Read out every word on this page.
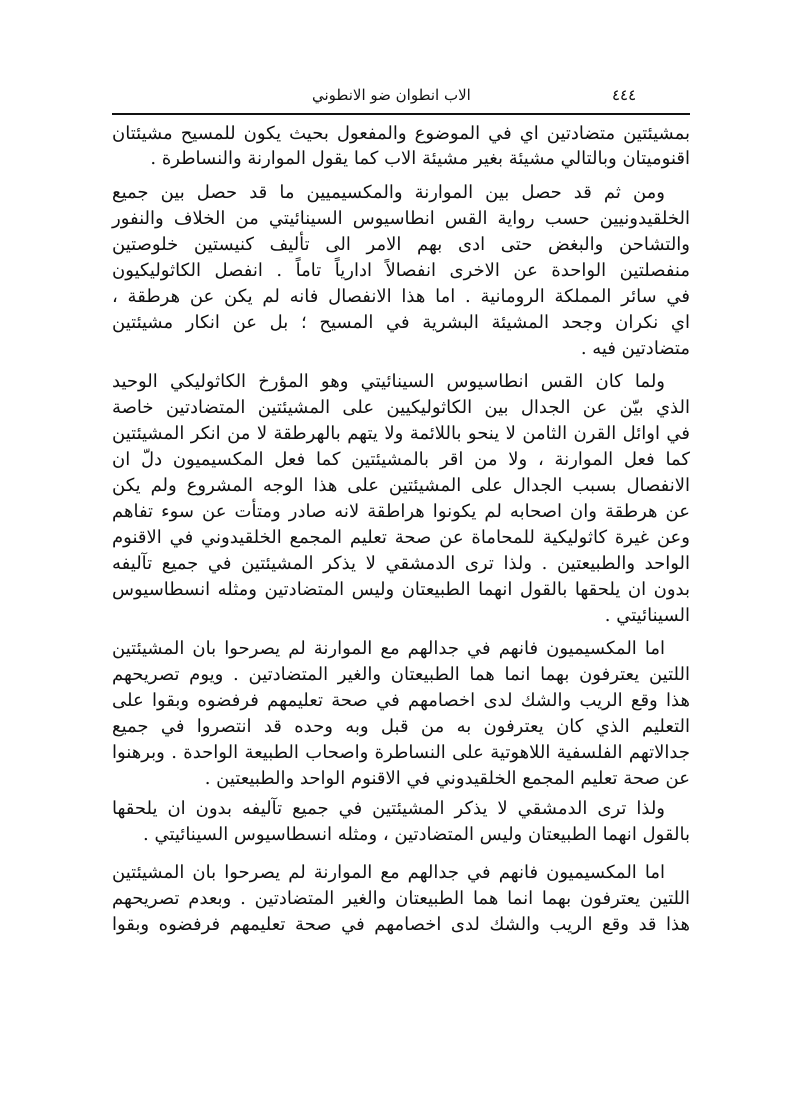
٤٤٤
الاب انطوان ضو الانطوني
بمشيئتين متضادتين اي في الموضوع والمفعول بحيث يكون للمسيح مشيئتان
اقنوميتان وبالتالي مشيئة بغير مشيئة الاب كما يقول الموارنة والنساطرة .
ومن ثم قد حصل بين الموارنة والمكسيميين ما قد حصل بين جميع
الخلقيدونيين حسب رواية القس انطاسيوس السينائيتي من الخلاف والنفور
والتشاحن والبغض حتى ادى بهم الامر الى تأليف كنيستين خلوصتين
منفصلتين الواحدة عن الاخرى انفصالاً ادارياً تاماً . انفصل الكاثوليكيون
في سائر المملكة الرومانية . اما هذا الانفصال فانه لم يكن عن هرطقة ،
اي نكران وجحد المشيئة البشرية في المسيح ؛ بل عن انكار مشيئتين
متضادتين فيه .
ولما كان القس انطاسيوس السينائيتي وهو المؤرخ الكاثوليكي الوحيد
الذي بيّن عن الجدال بين الكاثوليكيين على المشيئتين المتضادتين خاصة
في اوائل القرن الثامن لا ينحو باللائمة ولا يتهم بالهرطقة لا من انكر المشيئتين
كما فعل الموارنة ، ولا من اقر بالمشيئتين كما فعل المكسيميون دلّ ان
الانفصال بسبب الجدال على المشيئتين على هذا الوجه المشروع ولم يكن
عن هرطقة وان اصحابه لم يكونوا هراطقة لانه صادر ومتأت عن سوء تفاهم
وعن غيرة كاثوليكية للمحاماة عن صحة تعليم المجمع الخلقيدوني في الاقنوم
الواحد والطبيعتين . ولذا ترى الدمشقي لا يذكر المشيئتين في جميع تآليفه
بدون ان يلحقها بالقول انهما الطبيعتان وليس المتضادتين ومثله انسطاسيوس
السينائيتي .
اما المكسيميون فانهم في جدالهم مع الموارنة لم يصرحوا بان المشيئتين
اللتين يعترفون بهما انما هما الطبيعتان والغير المتضادتين . ويوم تصريحهم
هذا وقع الريب والشك لدى اخصامهم في صحة تعليمهم فرفضوه وبقوا على
التعليم الذي كان يعترفون به من قبل وبه وحده قد انتصروا في جميع
جدالاتهم الفلسفية اللاهوتية على النساطرة واصحاب الطبيعة الواحدة . وبرهنوا
عن صحة تعليم المجمع الخلقيدوني في الاقنوم الواحد والطبيعتين .
ولذا ترى الدمشقي لا يذكر المشيئتين في جميع تآليفه بدون ان يلحقها
بالقول انهما الطبيعتان وليس المتضادتين ، ومثله انسطاسيوس السينائيتي .
اما المكسيميون فانهم في جدالهم مع الموارنة لم يصرحوا بان المشيئتين
اللتين يعترفون بهما انما هما الطبيعتان والغير المتضادتين . وبعدم تصريحهم
هذا قد وقع الريب والشك لدى اخصامهم في صحة تعليمهم فرفضوه وبقوا
